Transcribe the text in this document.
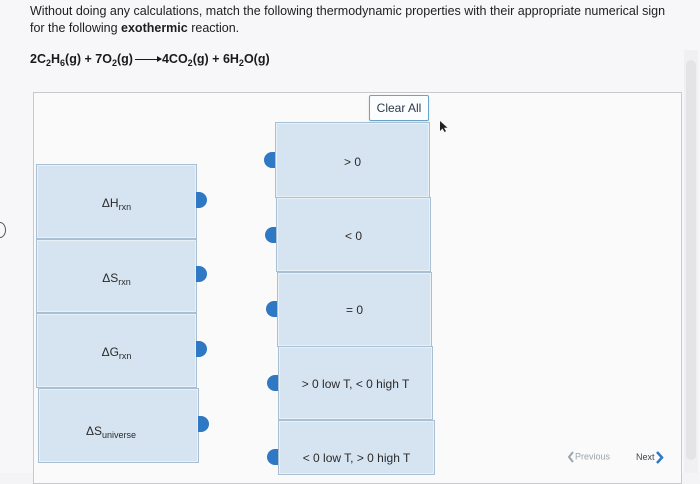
Without doing any calculations, match the following thermodynamic properties with their appropriate numerical sign for the following exothermic reaction.
$2C_2H_6(g) + 7O_2(g) \to 4CO_2(g) + 6H_2O(g)$
Clear All
$\Delta H_{rxn}$
$\Delta S_{rxn}$
$\Delta G_{rxn}$
$\Delta S_{universe}$
> 0
< 0
= 0
> 0 low T, < 0 high T
< 0 low T, > 0 high T	Previous	Next
